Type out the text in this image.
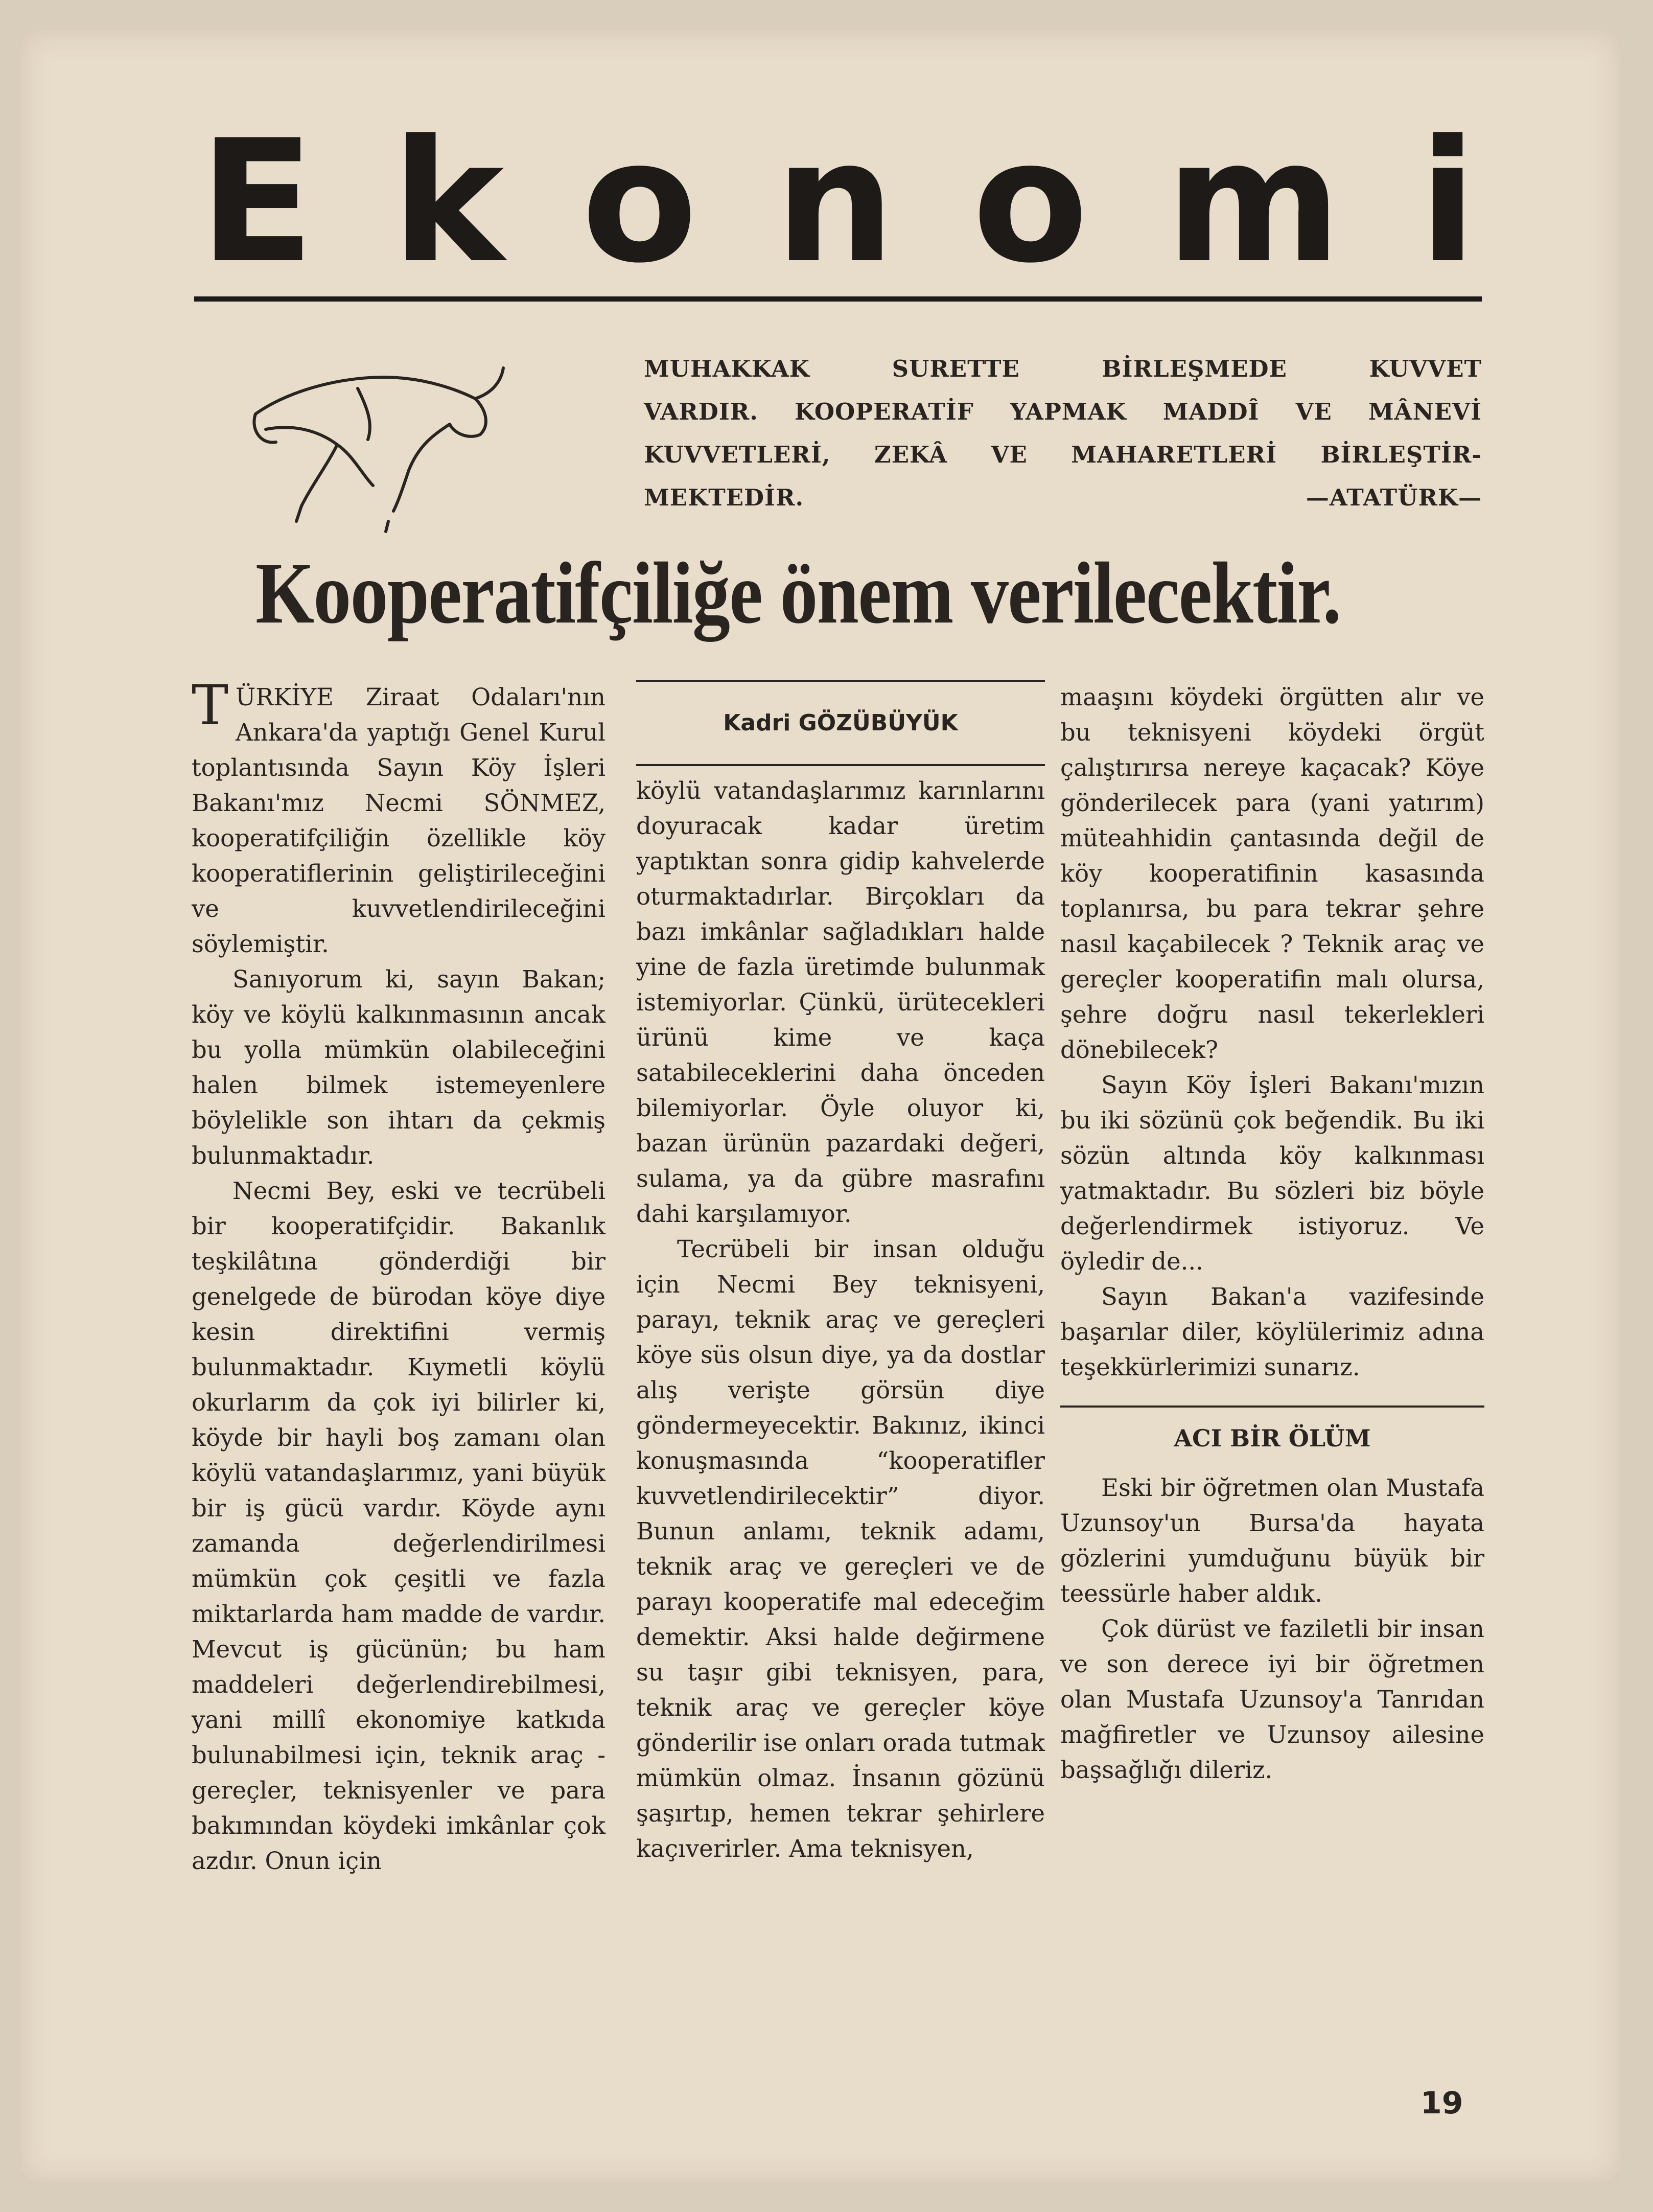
E k o n o m i
MUHAKKAK SURETTE BİRLEŞMEDE KUVVET
VARDIR. KOOPERATİF YAPMAK MADDÎ VE MÂNEVİ
KUVVETLERİ, ZEKÂ VE MAHARETLERİ BİRLEŞTİR-
MEKTEDİR.	—ATATÜRK—
Kooperatifçiliğe önem verilecektir.

TÜRKİYE Ziraat Odaları'nın Ankara'da yaptığı Genel Kurul toplantısında Sayın Köy İşleri Bakanı'mız Necmi SÖNMEZ, kooperatifçiliğin özellikle köy kooperatiflerinin geliştirileceğini ve kuvvetlendirileceğini söylemiştir.

Sanıyorum ki, sayın Bakan; köy ve köylü kalkınmasının ancak bu yolla mümkün olabileceğini halen bilmek istemeyenlere böylelikle son ihtarı da çekmiş bulunmaktadır.

Necmi Bey, eski ve tecrübeli bir kooperatifçidir. Bakanlık teşkilâtına gönderdiği bir genelgede de bürodan köye diye kesin direktifini vermiş bulunmaktadır. Kıymetli köylü okurlarım da çok iyi bilirler ki, köyde bir hayli boş zamanı olan köylü vatandaşlarımız, yani büyük bir iş gücü vardır. Köyde aynı zamanda değerlendirilmesi mümkün çok çeşitli ve fazla miktarlarda ham madde de vardır. Mevcut iş gücünün; bu ham maddeleri değerlendirebilmesi, yani millî ekonomiye katkıda bulunabilmesi için, teknik araç - gereçler, teknisyenler ve para bakımından köydeki imkânlar çok azdır. Onun için

Kadri GÖZÜBÜYÜK

köylü vatandaşlarımız karınlarını doyuracak kadar üretim yaptıktan sonra gidip kahvelerde oturmaktadırlar. Birçokları da bazı imkânlar sağladıkları halde yine de fazla üretimde bulunmak istemiyorlar. Çünkü, ürütecekleri ürünü kime ve kaça satabileceklerini daha önceden bilemiyorlar. Öyle oluyor ki, bazan ürünün pazardaki değeri, sulama, ya da gübre masrafını dahi karşılamıyor.

Tecrübeli bir insan olduğu için Necmi Bey teknisyeni, parayı, teknik araç ve gereçleri köye süs olsun diye, ya da dostlar alış verişte görsün diye göndermeyecektir. Bakınız, ikinci konuşmasında “kooperatifler kuvvetlendirilecektir” diyor. Bunun anlamı, teknik adamı, teknik araç ve gereçleri ve de parayı kooperatife mal edeceğim demektir. Aksi halde değirmene su taşır gibi teknisyen, para, teknik araç ve gereçler köye gönderilir ise onları orada tutmak mümkün olmaz. İnsanın gözünü şaşırtıp, hemen tekrar şehirlere kaçıverirler. Ama teknisyen,

maaşını köydeki örgütten alır ve bu teknisyeni köydeki örgüt çalıştırırsa nereye kaçacak? Köye gönderilecek para (yani yatırım) müteahhidin çantasında değil de köy kooperatifinin kasasında toplanırsa, bu para tekrar şehre nasıl kaçabilecek ? Teknik araç ve gereçler kooperatifin malı olursa, şehre doğru nasıl tekerlekleri dönebilecek?

Sayın Köy İşleri Bakanı'mızın bu iki sözünü çok beğendik. Bu iki sözün altında köy kalkınması yatmaktadır. Bu sözleri biz böyle değerlendirmek istiyoruz. Ve öyledir de...

Sayın Bakan'a vazifesinde başarılar diler, köylülerimiz adına teşekkürlerimizi sunarız.

ACI BİR ÖLÜM

Eski bir öğretmen olan Mustafa Uzunsoy'un Bursa'da hayata gözlerini yumduğunu büyük bir teessürle haber aldık.

Çok dürüst ve faziletli bir insan ve son derece iyi bir öğretmen olan Mustafa Uzunsoy'a Tanrıdan mağfiretler ve Uzunsoy ailesine başsağlığı dileriz.

19
